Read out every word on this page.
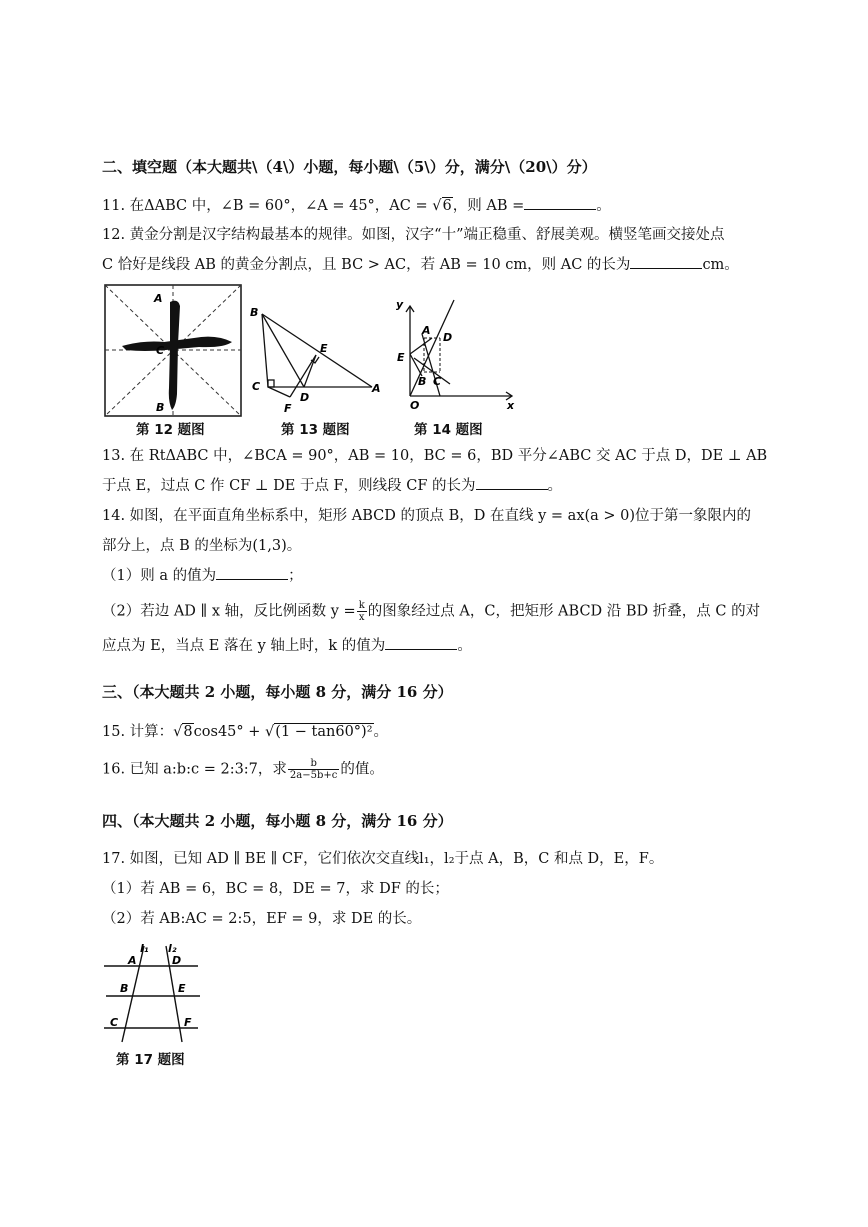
二、填空题（本大题共\（4\）小题，每小题\（5\）分，满分\（20\）分）
11. 在ΔABC 中，∠B = 60°，∠A = 45°，AC = √6，则 AB =	。
12. 黄金分割是汉字结构最基本的规律。如图，汉字“十”端正稳重、舒展美观。横竖笔画交接处点
C 恰好是线段 AB 的黄金分割点，且 BC > AC，若 AB = 10 cm，则 AC 的长为	cm。
A
C
B
第 12 题图
B
E
C
D
F
A
第 13 题图
y
A
D
E
B C
O	x
第 14 题图
13. 在 RtΔABC 中，∠BCA = 90°，AB = 10，BC = 6，BD 平分∠ABC 交 AC 于点 D，DE ⊥ AB
于点 E，过点 C 作 CF ⊥ DE 于点 F，则线段 CF 的长为	。
14. 如图，在平面直角坐标系中，矩形 ABCD 的顶点 B，D 在直线 y = ax(a > 0)位于第一象限内的
部分上，点 B 的坐标为(1,3)。
（1）则 a 的值为	；
（2）若边 AD ∥ x 轴，反比例函数 $y = \frac{k}{x}$ 的图象经过点 A，C，把矩形 ABCD 沿 BD 折叠，点 C 的对
应点为 E，当点 E 落在 y 轴上时，k 的值为	。
三、（本大题共 2 小题，每小题 8 分，满分 16 分）
15. 计算：√8cos45° + √(1 − tan60°)²。
16. 已知 a:b:c = 2:3:7，求 $\frac{b}{2a-5b+c}$ 的值。
四、（本大题共 2 小题，每小题 8 分，满分 16 分）
17. 如图，已知 AD ∥ BE ∥ CF，它们依次交直线l₁，l₂于点 A，B，C 和点 D，E，F。
（1）若 AB = 6，BC = 8，DE = 7，求 DF 的长；
（2）若 AB:AC = 2:5，EF = 9，求 DE 的长。
l₁ l₂
A	D
B	E
C	F
第 17 题图
